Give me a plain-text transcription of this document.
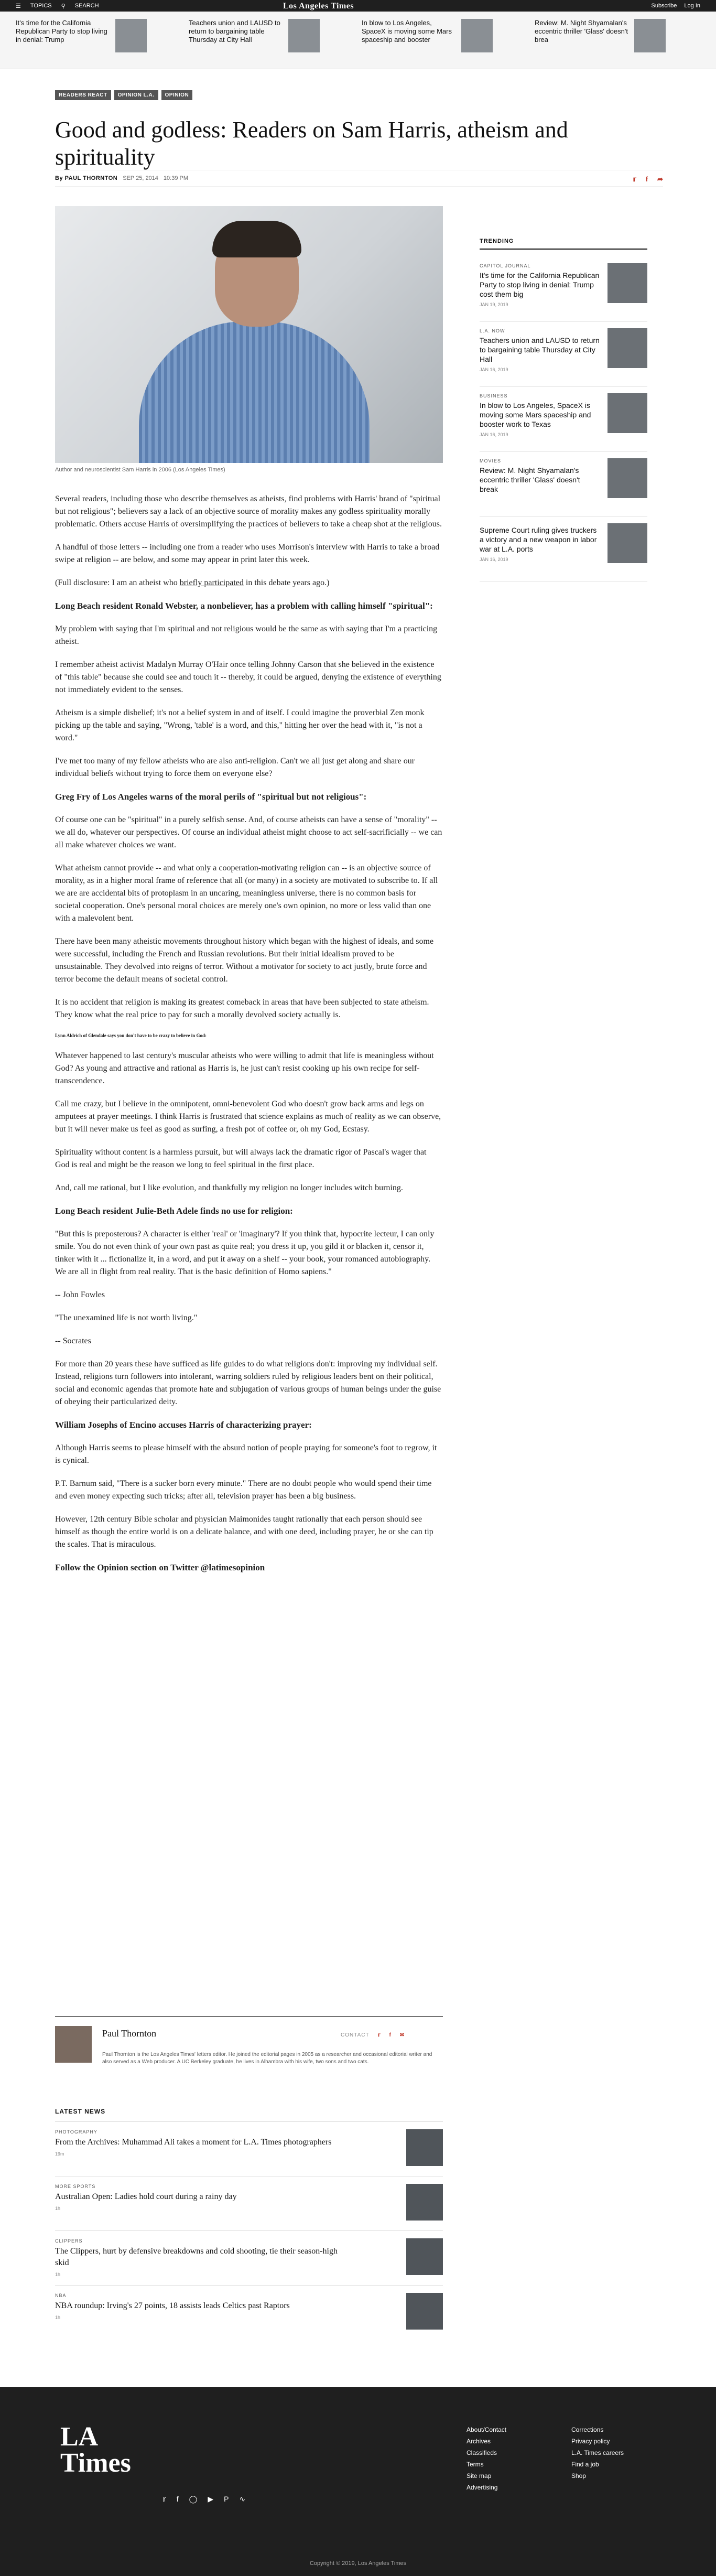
☰ TOPICS ⚲ SEARCH	Los Angeles Times	Subscribe Log In
It's time for the California Republican Party to stop living in denial: Trump
Teachers union and LAUSD to return to bargaining table Thursday at City Hall
In blow to Los Angeles, SpaceX is moving some Mars spaceship and booster
Review: M. Night Shyamalan's eccentric thriller 'Glass' doesn't brea
READERS REACT	OPINION L.A.	OPINION
Good and godless: Readers on Sam Harris, atheism and spirituality
By PAUL THORNTON SEP 25, 2014 10:39 PM	𝕣 f ➦
Author and neuroscientist Sam Harris in 2006 (Los Angeles Times)

Several readers, including those who describe themselves as atheists, find problems with Harris' brand of "spiritual but not religious"; believers say a lack of an objective source of morality makes any godless spirituality morally problematic. Others accuse Harris of oversimplifying the practices of believers to take a cheap shot at the religious.

A handful of those letters -- including one from a reader who uses Morrison's interview with Harris to take a broad swipe at religion -- are below, and some may appear in print later this week.

(Full disclosure: I am an atheist who briefly participated in this debate years ago.)

Long Beach resident Ronald Webster, a nonbeliever, has a problem with calling himself "spiritual":

My problem with saying that I'm spiritual and not religious would be the same as with saying that I'm a practicing atheist.

I remember atheist activist Madalyn Murray O'Hair once telling Johnny Carson that she believed in the existence of "this table" because she could see and touch it -- thereby, it could be argued, denying the existence of everything not immediately evident to the senses.

Atheism is a simple disbelief; it's not a belief system in and of itself. I could imagine the proverbial Zen monk picking up the table and saying, "Wrong, 'table' is a word, and this," hitting her over the head with it, "is not a word."

I've met too many of my fellow atheists who are also anti-religion. Can't we all just get along and share our individual beliefs without trying to force them on everyone else?

Greg Fry of Los Angeles warns of the moral perils of "spiritual but not religious":

Of course one can be "spiritual" in a purely selfish sense. And, of course atheists can have a sense of "morality" -- we all do, whatever our perspectives. Of course an individual atheist might choose to act self-sacrificially -- we can all make whatever choices we want.

What atheism cannot provide -- and what only a cooperation-motivating religion can -- is an objective source of morality, as in a higher moral frame of reference that all (or many) in a society are motivated to subscribe to. If all we are are accidental bits of protoplasm in an uncaring, meaningless universe, there is no common basis for societal cooperation. One's personal moral choices are merely one's own opinion, no more or less valid than one with a malevolent bent.

There have been many atheistic movements throughout history which began with the highest of ideals, and some were successful, including the French and Russian revolutions. But their initial idealism proved to be unsustainable. They devolved into reigns of terror. Without a motivator for society to act justly, brute force and terror become the default means of societal control.

It is no accident that religion is making its greatest comeback in areas that have been subjected to state atheism. They know what the real price to pay for such a morally devolved society actually is.

Lynn Aldrich of Glendale says you don't have to be crazy to believe in God:

Whatever happened to last century's muscular atheists who were willing to admit that life is meaningless without God? As young and attractive and rational as Harris is, he just can't resist cooking up his own recipe for self-transcendence.

Call me crazy, but I believe in the omnipotent, omni-benevolent God who doesn't grow back arms and legs on amputees at prayer meetings. I think Harris is frustrated that science explains as much of reality as we can observe, but it will never make us feel as good as surfing, a fresh pot of coffee or, oh my God, Ecstasy.

Spirituality without content is a harmless pursuit, but will always lack the dramatic rigor of Pascal's wager that God is real and might be the reason we long to feel spiritual in the first place.

And, call me rational, but I like evolution, and thankfully my religion no longer includes witch burning.

Long Beach resident Julie-Beth Adele finds no use for religion:

"But this is preposterous? A character is either 'real' or 'imaginary'? If you think that, hypocrite lecteur, I can only smile. You do not even think of your own past as quite real; you dress it up, you gild it or blacken it, censor it, tinker with it ... fictionalize it, in a word, and put it away on a shelf -- your book, your romanced autobiography. We are all in flight from real reality. That is the basic definition of Homo sapiens."

-- John Fowles

"The unexamined life is not worth living."

-- Socrates

For more than 20 years these have sufficed as life guides to do what religions don't: improving my individual self. Instead, religions turn followers into intolerant, warring soldiers ruled by religious leaders bent on their political, social and economic agendas that promote hate and subjugation of various groups of human beings under the guise of obeying their particularized deity.

William Josephs of Encino accuses Harris of characterizing prayer:

Although Harris seems to please himself with the absurd notion of people praying for someone's foot to regrow, it is cynical.

P.T. Barnum said, "There is a sucker born every minute." There are no doubt people who would spend their time and even money expecting such tricks; after all, television prayer has been a big business.

However, 12th century Bible scholar and physician Maimonides taught rationally that each person should see himself as though the entire world is on a delicate balance, and with one deed, including prayer, he or she can tip the scales. That is miraculous.

Follow the Opinion section on Twitter @latimesopinion
TRENDING
CAPITOL JOURNAL
It's time for the California Republican Party to stop living in denial: Trump cost them big
JAN 19, 2019
L.A. NOW
Teachers union and LAUSD to return to bargaining table Thursday at City Hall
JAN 16, 2019
BUSINESS
In blow to Los Angeles, SpaceX is moving some Mars spaceship and booster work to Texas
JAN 16, 2019
MOVIES
Review: M. Night Shyamalan's eccentric thriller 'Glass' doesn't break
Supreme Court ruling gives truckers a victory and a new weapon in labor war at L.A. ports
JAN 16, 2019
Paul Thornton	CONTACT 𝕣 f ✉
Paul Thornton is the Los Angeles Times' letters editor. He joined the editorial pages in 2005 as a researcher and occasional editorial writer and also served as a Web producer. A UC Berkeley graduate, he lives in Alhambra with his wife, two sons and two cats.
LATEST NEWS
PHOTOGRAPHY
From the Archives: Muhammad Ali takes a moment for L.A. Times photographers
19m
MORE SPORTS
Australian Open: Ladies hold court during a rainy day
1h
CLIPPERS
The Clippers, hurt by defensive breakdowns and cold shooting, tie their season-high skid
1h
NBA
NBA roundup: Irving's 27 points, 18 assists leads Celtics past Raptors
1h
LA
Times
𝕣 f ◯ ▶ P ∿
About/Contact
Archives
Classifieds
Terms
Site map
Advertising
Corrections
Privacy policy
L.A. Times careers
Find a job
Shop
Copyright © 2019, Los Angeles Times
